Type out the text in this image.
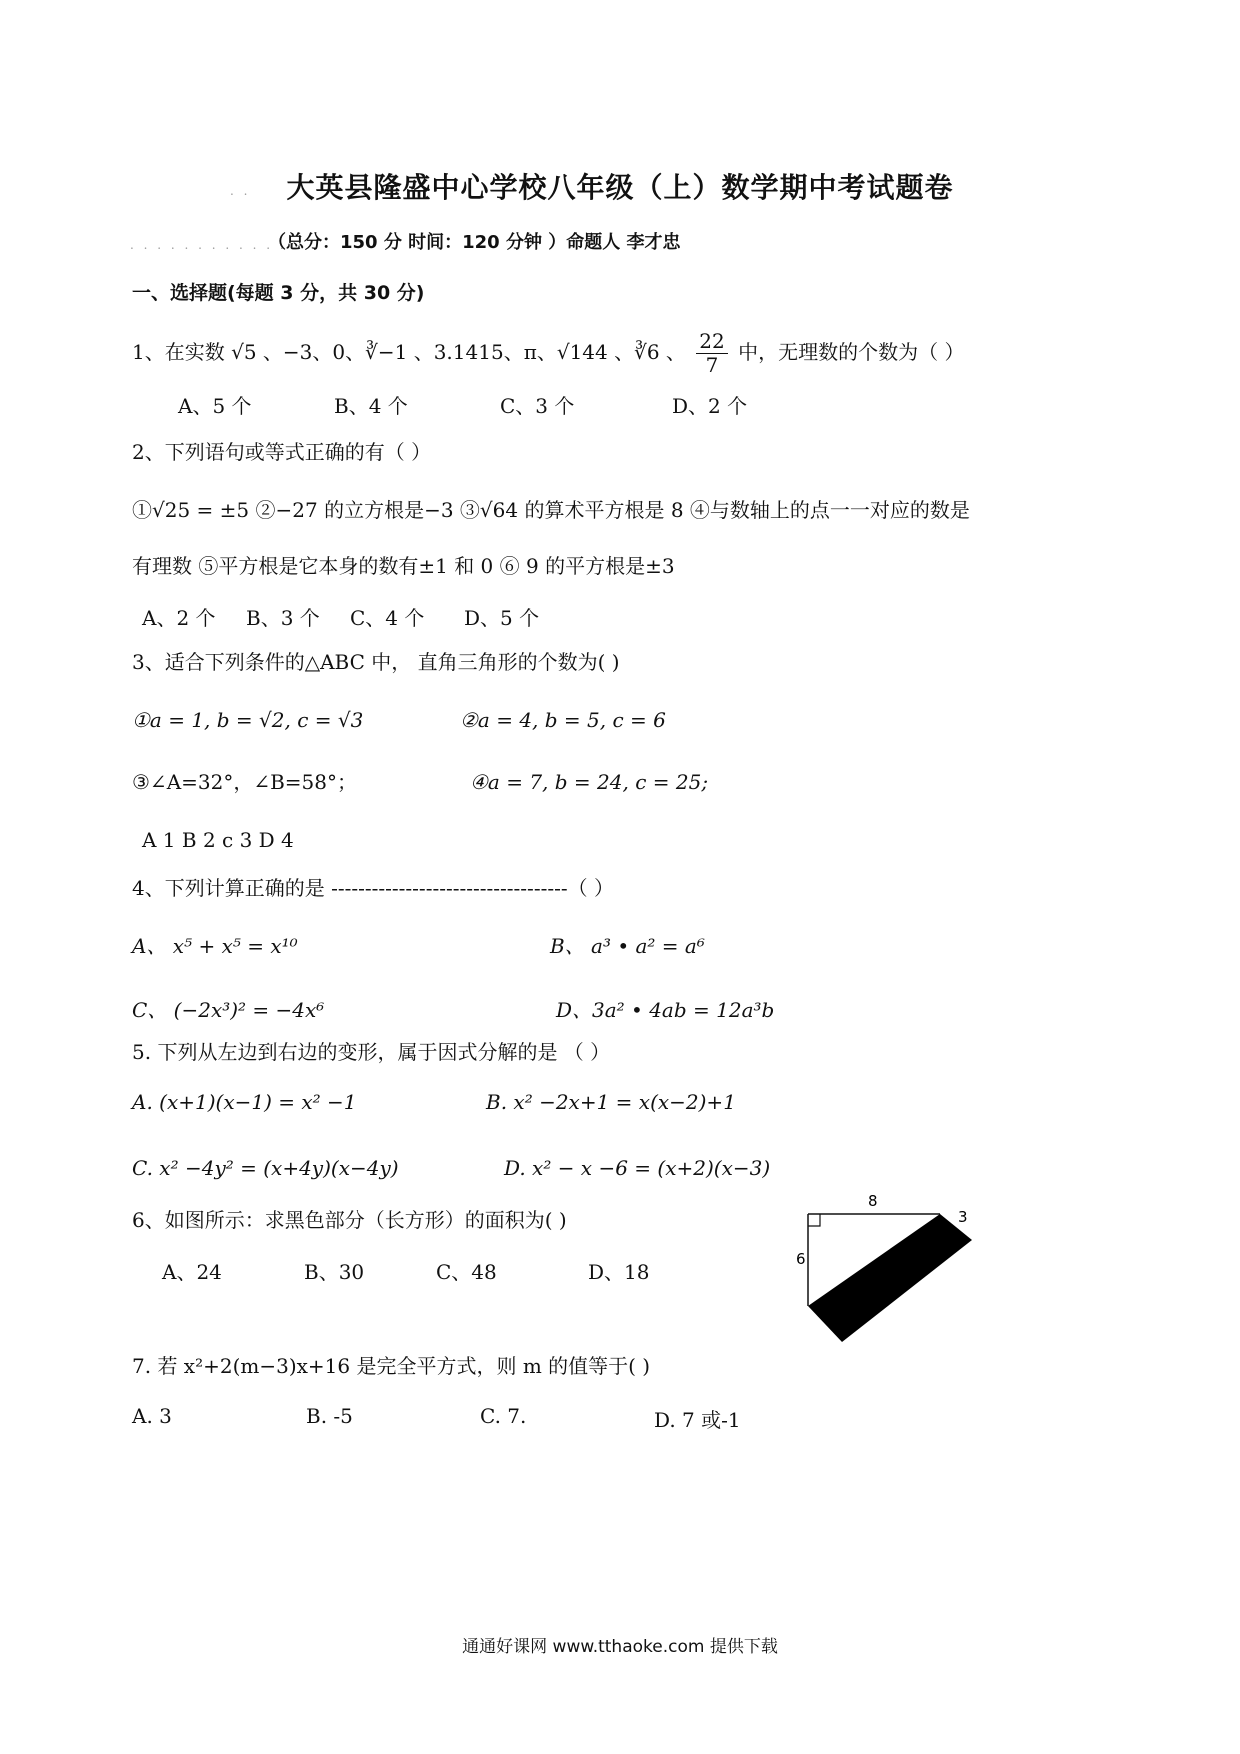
. .	大英县隆盛中心学校八年级（上）数学期中考试题卷
. . . . . . . . . . . .
（总分：150 分 时间：120 分钟 ）命题人 李才忠
一、选择题(每题 3 分，共 30 分)
1、在实数 √5 、−3、0、∛−1 、3.1415、π、√144 、∛6 、 $\frac{22}{7}$ 中，无理数的个数为（ ）
A、5 个	B、4 个	C、3 个	D、2 个
2、下列语句或等式正确的有（ ）
①√25 = ±5 ②−27 的立方根是−3 ③√64 的算术平方根是 8 ④与数轴上的点一一对应的数是
有理数 ⑤平方根是它本身的数有±1 和 0 ⑥ 9 的平方根是±3
A、2 个 B、3 个 C、4 个 D、5 个
3、适合下列条件的△ABC 中， 直角三角形的个数为( )
①a = 1, b = √2, c = √3	②a = 4, b = 5, c = 6
③∠A=32°，∠B=58°；	④a = 7, b = 24, c = 25;
A 1 B 2 c 3 D 4
4、下列计算正确的是 -----------------------------------（ ）
A、 x⁵ + x⁵ = x¹⁰	B、 a³ • a² = a⁶
C、 (−2x³)² = −4x⁶	D、3a² • 4ab = 12a³b
5. 下列从左边到右边的变形，属于因式分解的是 （ ）
A. (x+1)(x−1) = x² −1	B. x² −2x+1 = x(x−2)+1
C. x² −4y² = (x+4y)(x−4y)	D. x² − x −6 = (x+2)(x−3)
6、如图所示：求黑色部分（长方形）的面积为( )
A、24	B、30	C、48	D、18
8
6
3
7. 若 x²+2(m−3)x+16 是完全平方式，则 m 的值等于( )
A. 3	B. -5	C. 7.	D. 7 或-1
通通好课网 www.tthaoke.com 提供下载
